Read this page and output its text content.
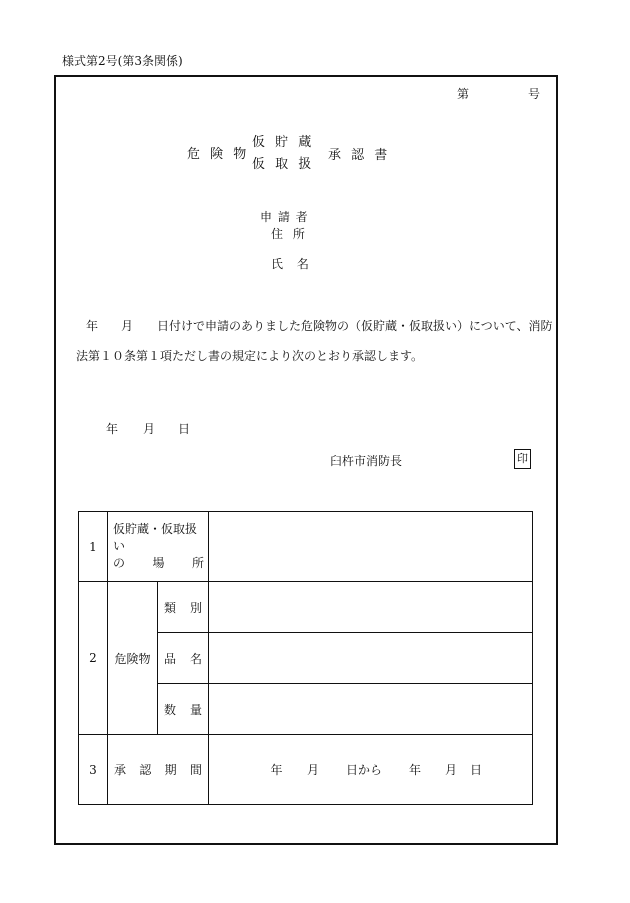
様式第2号(第3条関係)
第	号
危 険 物
仮 貯 蔵
仮 取 扱
承 認 書
申 請 者
住 所
氏 名
年 月 日付けで申請のありました危険物の（仮貯蔵・仮取扱い）について、消防
法第１０条第１項ただし書の規定により次のとおり承認します。
年 月 日
臼杵市消防長	印
1	仮貯蔵・仮取扱い
の 場 所		

2	危険物	類 別	

		品 名	

		数 量	

3	承 認 期 間		年 月 日から 年 月 日
